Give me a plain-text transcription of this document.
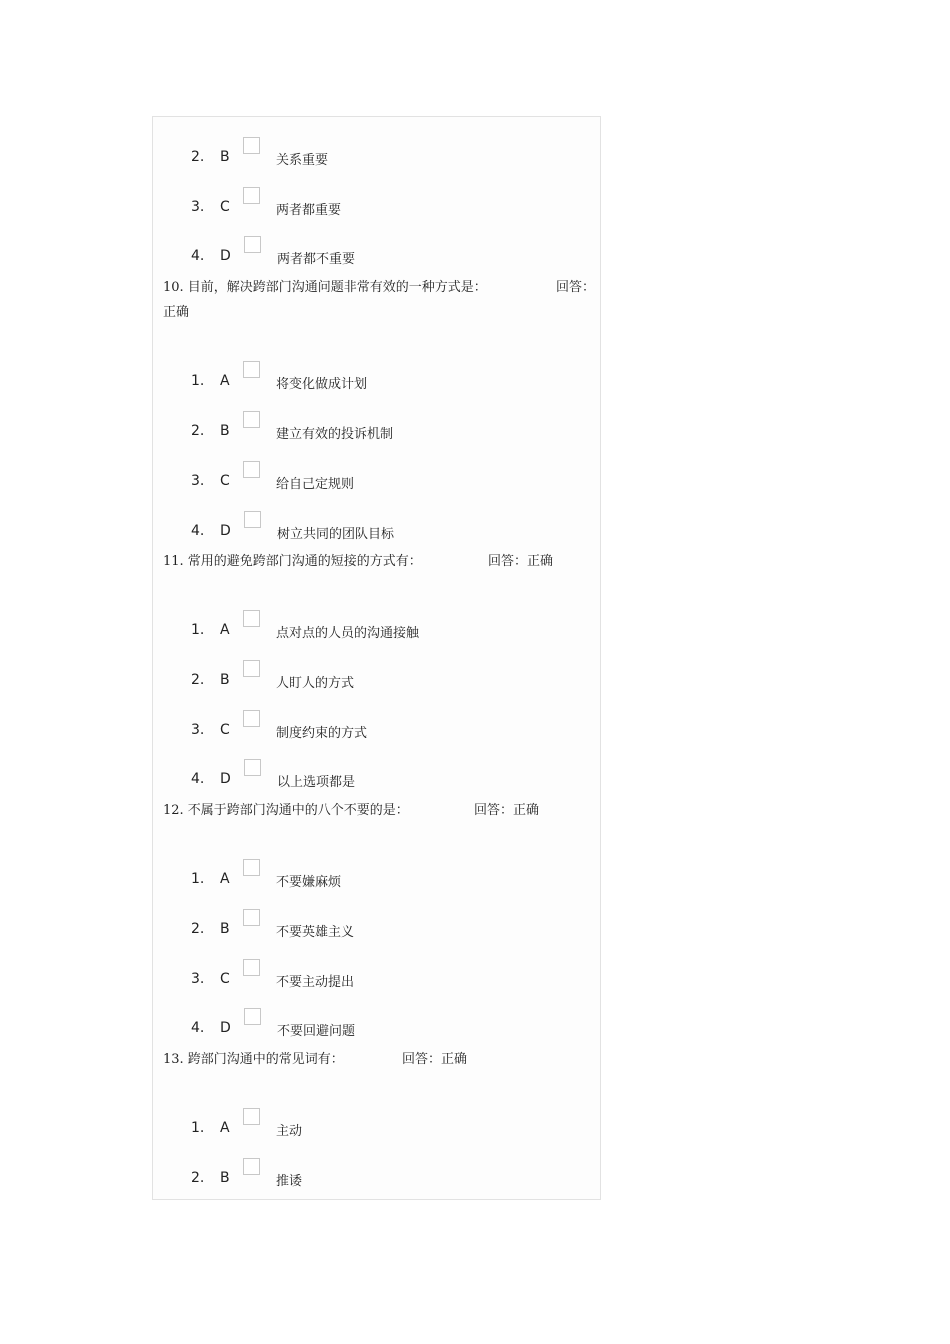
2. B	关系重要
3. C	两者都重要
4. D	两者都不重要
10. 目前，解决跨部门沟通问题非常有效的一种方式是：	回答：
正确
1. A	将变化做成计划
2. B	建立有效的投诉机制
3. C	给自己定规则
4. D	树立共同的团队目标
11. 常用的避免跨部门沟通的短接的方式有：	回答：正确
1. A	点对点的人员的沟通接触
2. B	人盯人的方式
3. C	制度约束的方式
4. D	以上选项都是
12. 不属于跨部门沟通中的八个不要的是：	回答：正确
1. A	不要嫌麻烦
2. B	不要英雄主义
3. C	不要主动提出
4. D	不要回避问题
13. 跨部门沟通中的常见词有：	回答：正确
1. A	主动
2. B	推诿
